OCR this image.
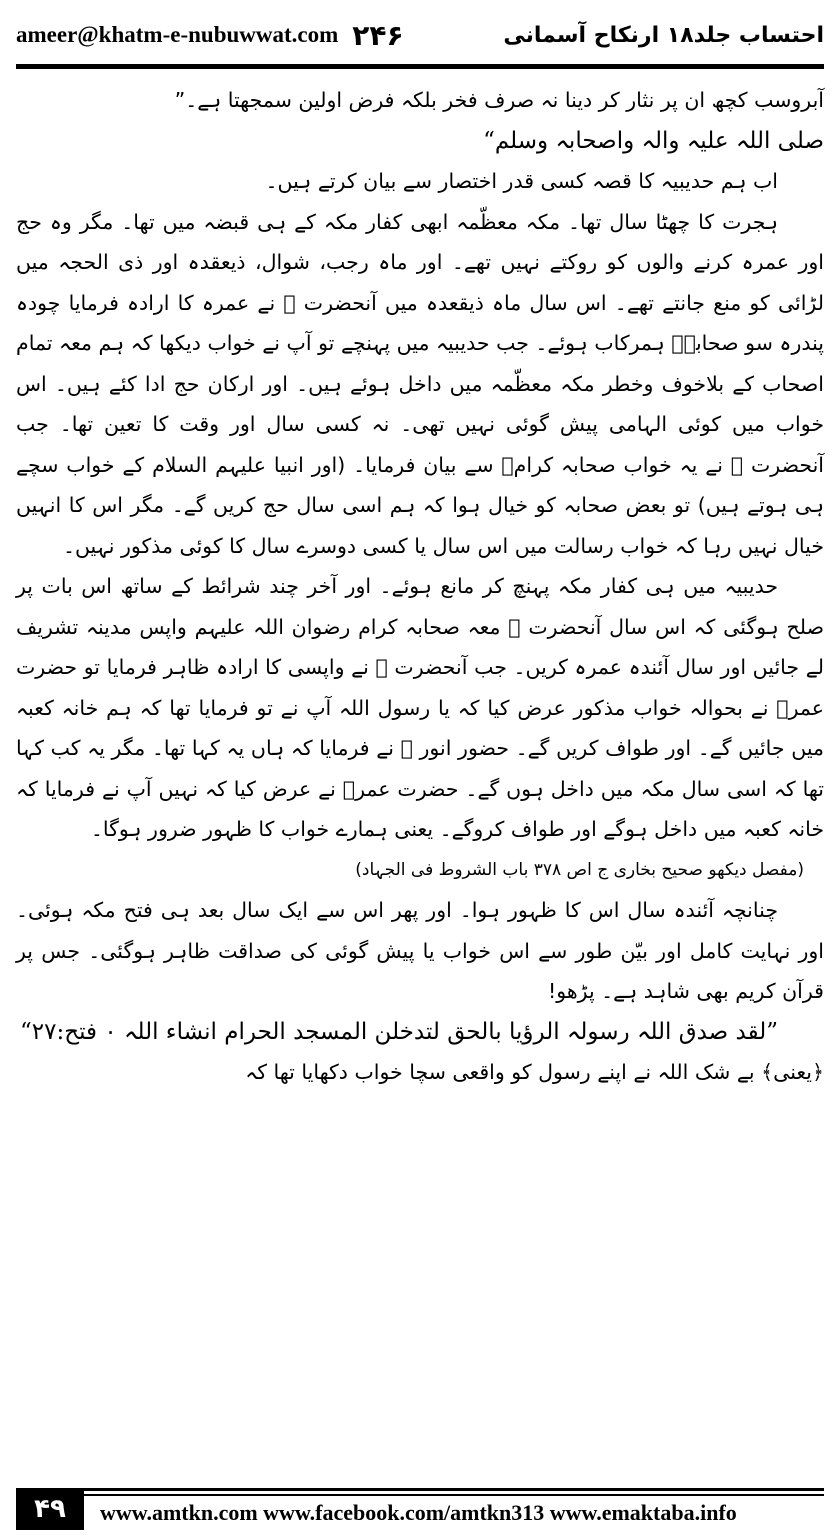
ameer@khatm-e-nubuwwat.com ۲۴۶	احتساب جلد۱۸ ارنکاح آسمانی

آبروسب کچھ ان پر نثار کر دینا نہ صرف فخر بلکہ فرض اولین سمجھتا ہے۔”

صلی اللہ علیہ والہ واصحابہ وسلم“

اب ہم حدیبیہ کا قصہ کسی قدر اختصار سے بیان کرتے ہیں۔

ہجرت کا چھٹا سال تھا۔ مکہ معظّمہ ابھی کفار مکہ کے ہی قبضہ میں تھا۔ مگر وہ حج اور عمرہ کرنے والوں کو روکتے نہیں تھے۔ اور ماہ رجب، شوال، ذیعقدہ اور ذی الحجہ میں لڑائی کو منع جانتے تھے۔ اس سال ماہ ذیقعدہ میں آنحضرت ﷺ نے عمرہ کا ارادہ فرمایا چودہ پندرہ سو صحابہؓ ہمرکاب ہوئے۔ جب حدیبیہ میں پہنچے تو آپ نے خواب دیکھا کہ ہم معہ تمام اصحاب کے بلاخوف وخطر مکہ معظّمہ میں داخل ہوئے ہیں۔ اور ارکان حج ادا کئے ہیں۔ اس خواب میں کوئی الہامی پیش گوئی نہیں تھی۔ نہ کسی سال اور وقت کا تعین تھا۔ جب آنحضرت ﷺ نے یہ خواب صحابہ کرامؓ سے بیان فرمایا۔ (اور انبیا علیہم السلام کے خواب سچے ہی ہوتے ہیں) تو بعض صحابہ کو خیال ہوا کہ ہم اسی سال حج کریں گے۔ مگر اس کا انہیں خیال نہیں رہا کہ خواب رسالت میں اس سال یا کسی دوسرے سال کا کوئی مذکور نہیں۔

حدیبیہ میں ہی کفار مکہ پہنچ کر مانع ہوئے۔ اور آخر چند شرائط کے ساتھ اس بات پر صلح ہوگئی کہ اس سال آنحضرت ﷺ معہ صحابہ کرام رضوان اللہ علیہم واپس مدینہ تشریف لے جائیں اور سال آئندہ عمرہ کریں۔ جب آنحضرت ﷺ نے واپسی کا ارادہ ظاہر فرمایا تو حضرت عمرؓ نے بحوالہ خواب مذکور عرض کیا کہ یا رسول اللہ آپ نے تو فرمایا تھا کہ ہم خانہ کعبہ میں جائیں گے۔ اور طواف کریں گے۔ حضور انور ﷺ نے فرمایا کہ ہاں یہ کہا تھا۔ مگر یہ کب کہا تھا کہ اسی سال مکہ میں داخل ہوں گے۔ حضرت عمرؓ نے عرض کیا کہ نہیں آپ نے فرمایا کہ خانہ کعبہ میں داخل ہوگے اور طواف کروگے۔ یعنی ہمارے خواب کا ظہور ضرور ہوگا۔

(مفصل دیکھو صحیح بخاری ج اص ۳۷۸ باب الشروط فی الجہاد)

چنانچہ آئندہ سال اس کا ظہور ہوا۔ اور پھر اس سے ایک سال بعد ہی فتح مکہ ہوئی۔ اور نہایت کامل اور بیّن طور سے اس خواب یا پیش گوئی کی صداقت ظاہر ہوگئی۔ جس پر قرآن کریم بھی شاہد ہے۔ پڑھو!

”لقد صدق اللہ رسولہ الرؤیا بالحق لتدخلن المسجد الحرام انشاء اللہ ۰ فتح:۲۷“

﴿یعنی﴾ بے شک اللہ نے اپنے رسول کو واقعی سچا خواب دکھایا تھا کہ

۴۹	www.amtkn.com www.facebook.com/amtkn313 www.emaktaba.info
